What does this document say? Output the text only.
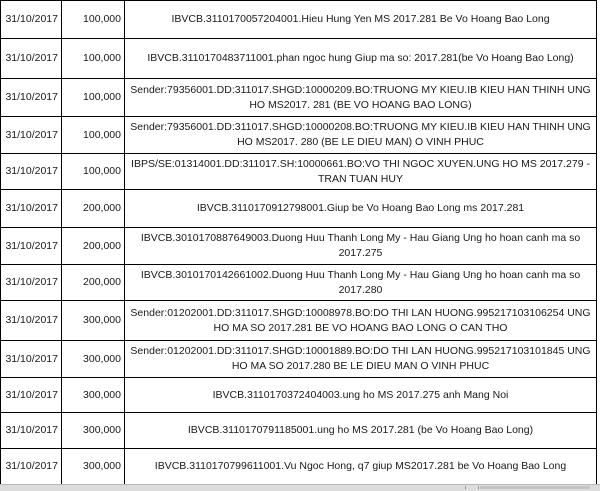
31/10/2017	100,000	IBVCB.3110170057204001.Hieu Hung Yen MS 2017.281 Be Vo Hoang Bao Long
31/10/2017	100,000	IBVCB.3110170483711001.phan ngoc hung Giup ma so: 2017.281(be Vo Hoang Bao Long)
31/10/2017	100,000	Sender:79356001.DD:311017.SHGD:10000209.BO:TRUONG MY KIEU.IB KIEU HAN THINH UNG HO MS2017. 281 (BE VO HOANG BAO LONG)
31/10/2017	100,000	Sender:79356001.DD:311017.SHGD:10000208.BO:TRUONG MY KIEU.IB KIEU HAN THINH UNG HO MS2017. 280 (BE LE DIEU MAN) O VINH PHUC
31/10/2017	100,000	IBPS/SE:01314001.DD:311017.SH:10000661.BO:VO THI NGOC XUYEN.UNG HO MS 2017.279 -TRAN TUAN HUY
31/10/2017	200,000	IBVCB.3110170912798001.Giup be Vo Hoang Bao Long ms 2017.281
31/10/2017	200,000	IBVCB.3010170887649003.Duong Huu Thanh Long My - Hau Giang Ung ho hoan canh ma so 2017.275
31/10/2017	200,000	IBVCB.3010170142661002.Duong Huu Thanh Long My - Hau Giang Ung ho hoan canh ma so 2017.280
31/10/2017	300,000	Sender:01202001.DD:311017.SHGD:10008978.BO:DO THI LAN HUONG.995217103106254 UNG HO MA SO 2017.281 BE VO HOANG BAO LONG O CAN THO
31/10/2017	300,000	Sender:01202001.DD:311017.SHGD:10001889.BO:DO THI LAN HUONG.995217103101845 UNG HO MA SO 2017.280 BE LE DIEU MAN O VINH PHUC
31/10/2017	300,000	IBVCB.3110170372404003.ung ho MS 2017.275 anh Mang Noi
31/10/2017	300,000	IBVCB.3110170791185001.ung ho MS 2017.281 (be Vo Hoang Bao Long)
31/10/2017	300,000	IBVCB.3110170799611001.Vu Ngoc Hong, q7 giup MS2017.281 be Vo Hoang Bao Long
